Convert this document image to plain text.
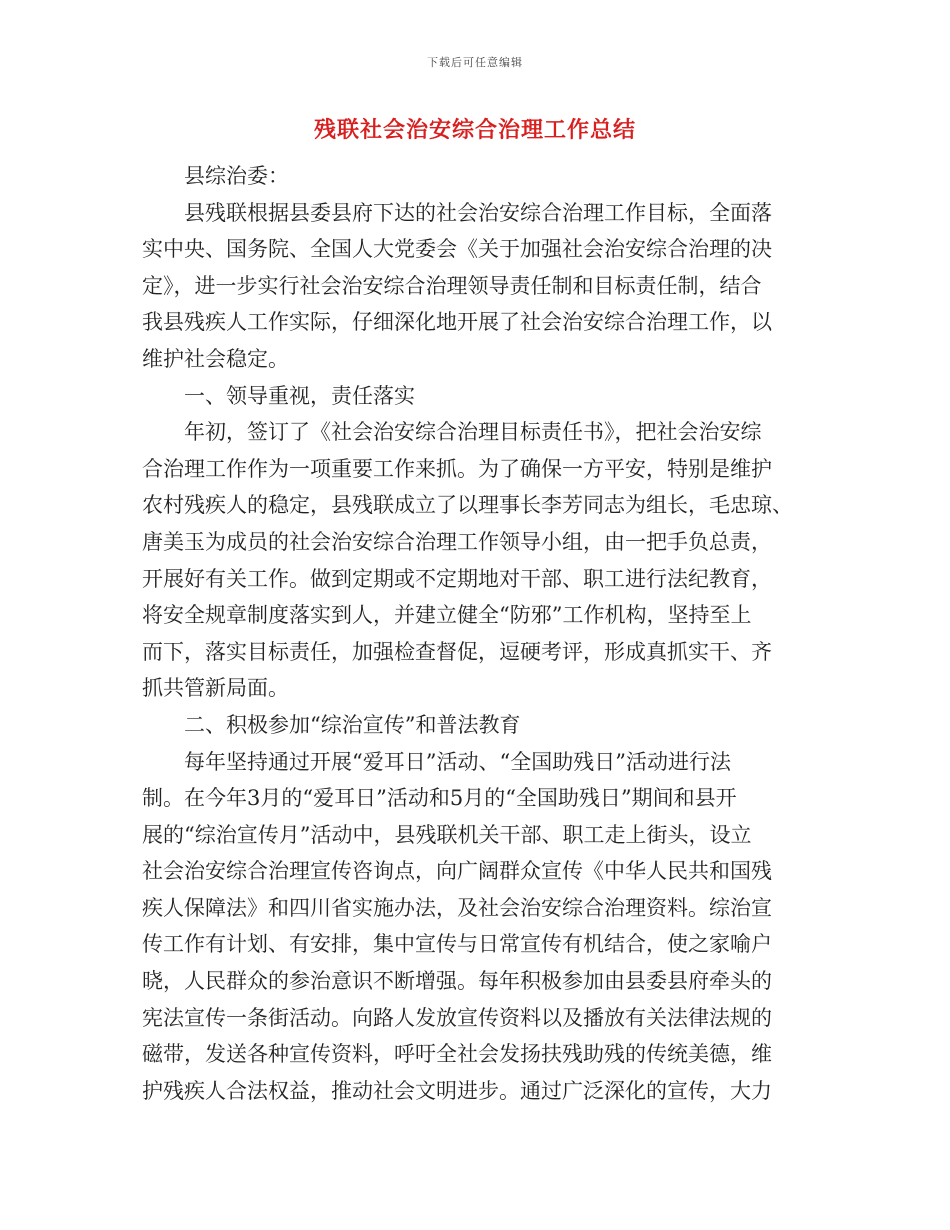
下载后可任意编辑
残联社会治安综合治理工作总结
县综治委：
县残联根据县委县府下达的社会治安综合治理工作目标，全面落
实中央、国务院、全国人大党委会《关于加强社会治安综合治理的决
定》，进一步实行社会治安综合治理领导责任制和目标责任制，结合
我县残疾人工作实际，仔细深化地开展了社会治安综合治理工作，以
维护社会稳定。
一、领导重视，责任落实
年初，签订了《社会治安综合治理目标责任书》，把社会治安综
合治理工作作为一项重要工作来抓。为了确保一方平安，特别是维护
农村残疾人的稳定，县残联成立了以理事长李芳同志为组长，毛忠琼、
唐美玉为成员的社会治安综合治理工作领导小组，由一把手负总责，
开展好有关工作。做到定期或不定期地对干部、职工进行法纪教育，
将安全规章制度落实到人，并建立健全“防邪”工作机构，坚持至上
而下，落实目标责任，加强检查督促，逗硬考评，形成真抓实干、齐
抓共管新局面。
二、积极参加“综治宣传”和普法教育
每年坚持通过开展“爱耳日”活动、“全国助残日”活动进行法
制。在今年3月的“爱耳日”活动和5月的“全国助残日”期间和县开
展的“综治宣传月”活动中，县残联机关干部、职工走上街头，设立
社会治安综合治理宣传咨询点，向广阔群众宣传《中华人民共和国残
疾人保障法》和四川省实施办法，及社会治安综合治理资料。综治宣
传工作有计划、有安排，集中宣传与日常宣传有机结合，使之家喻户
晓，人民群众的参治意识不断增强。每年积极参加由县委县府牵头的
宪法宣传一条街活动。向路人发放宣传资料以及播放有关法律法规的
磁带，发送各种宣传资料，呼吁全社会发扬扶残助残的传统美德，维
护残疾人合法权益，推动社会文明进步。通过广泛深化的宣传，大力
